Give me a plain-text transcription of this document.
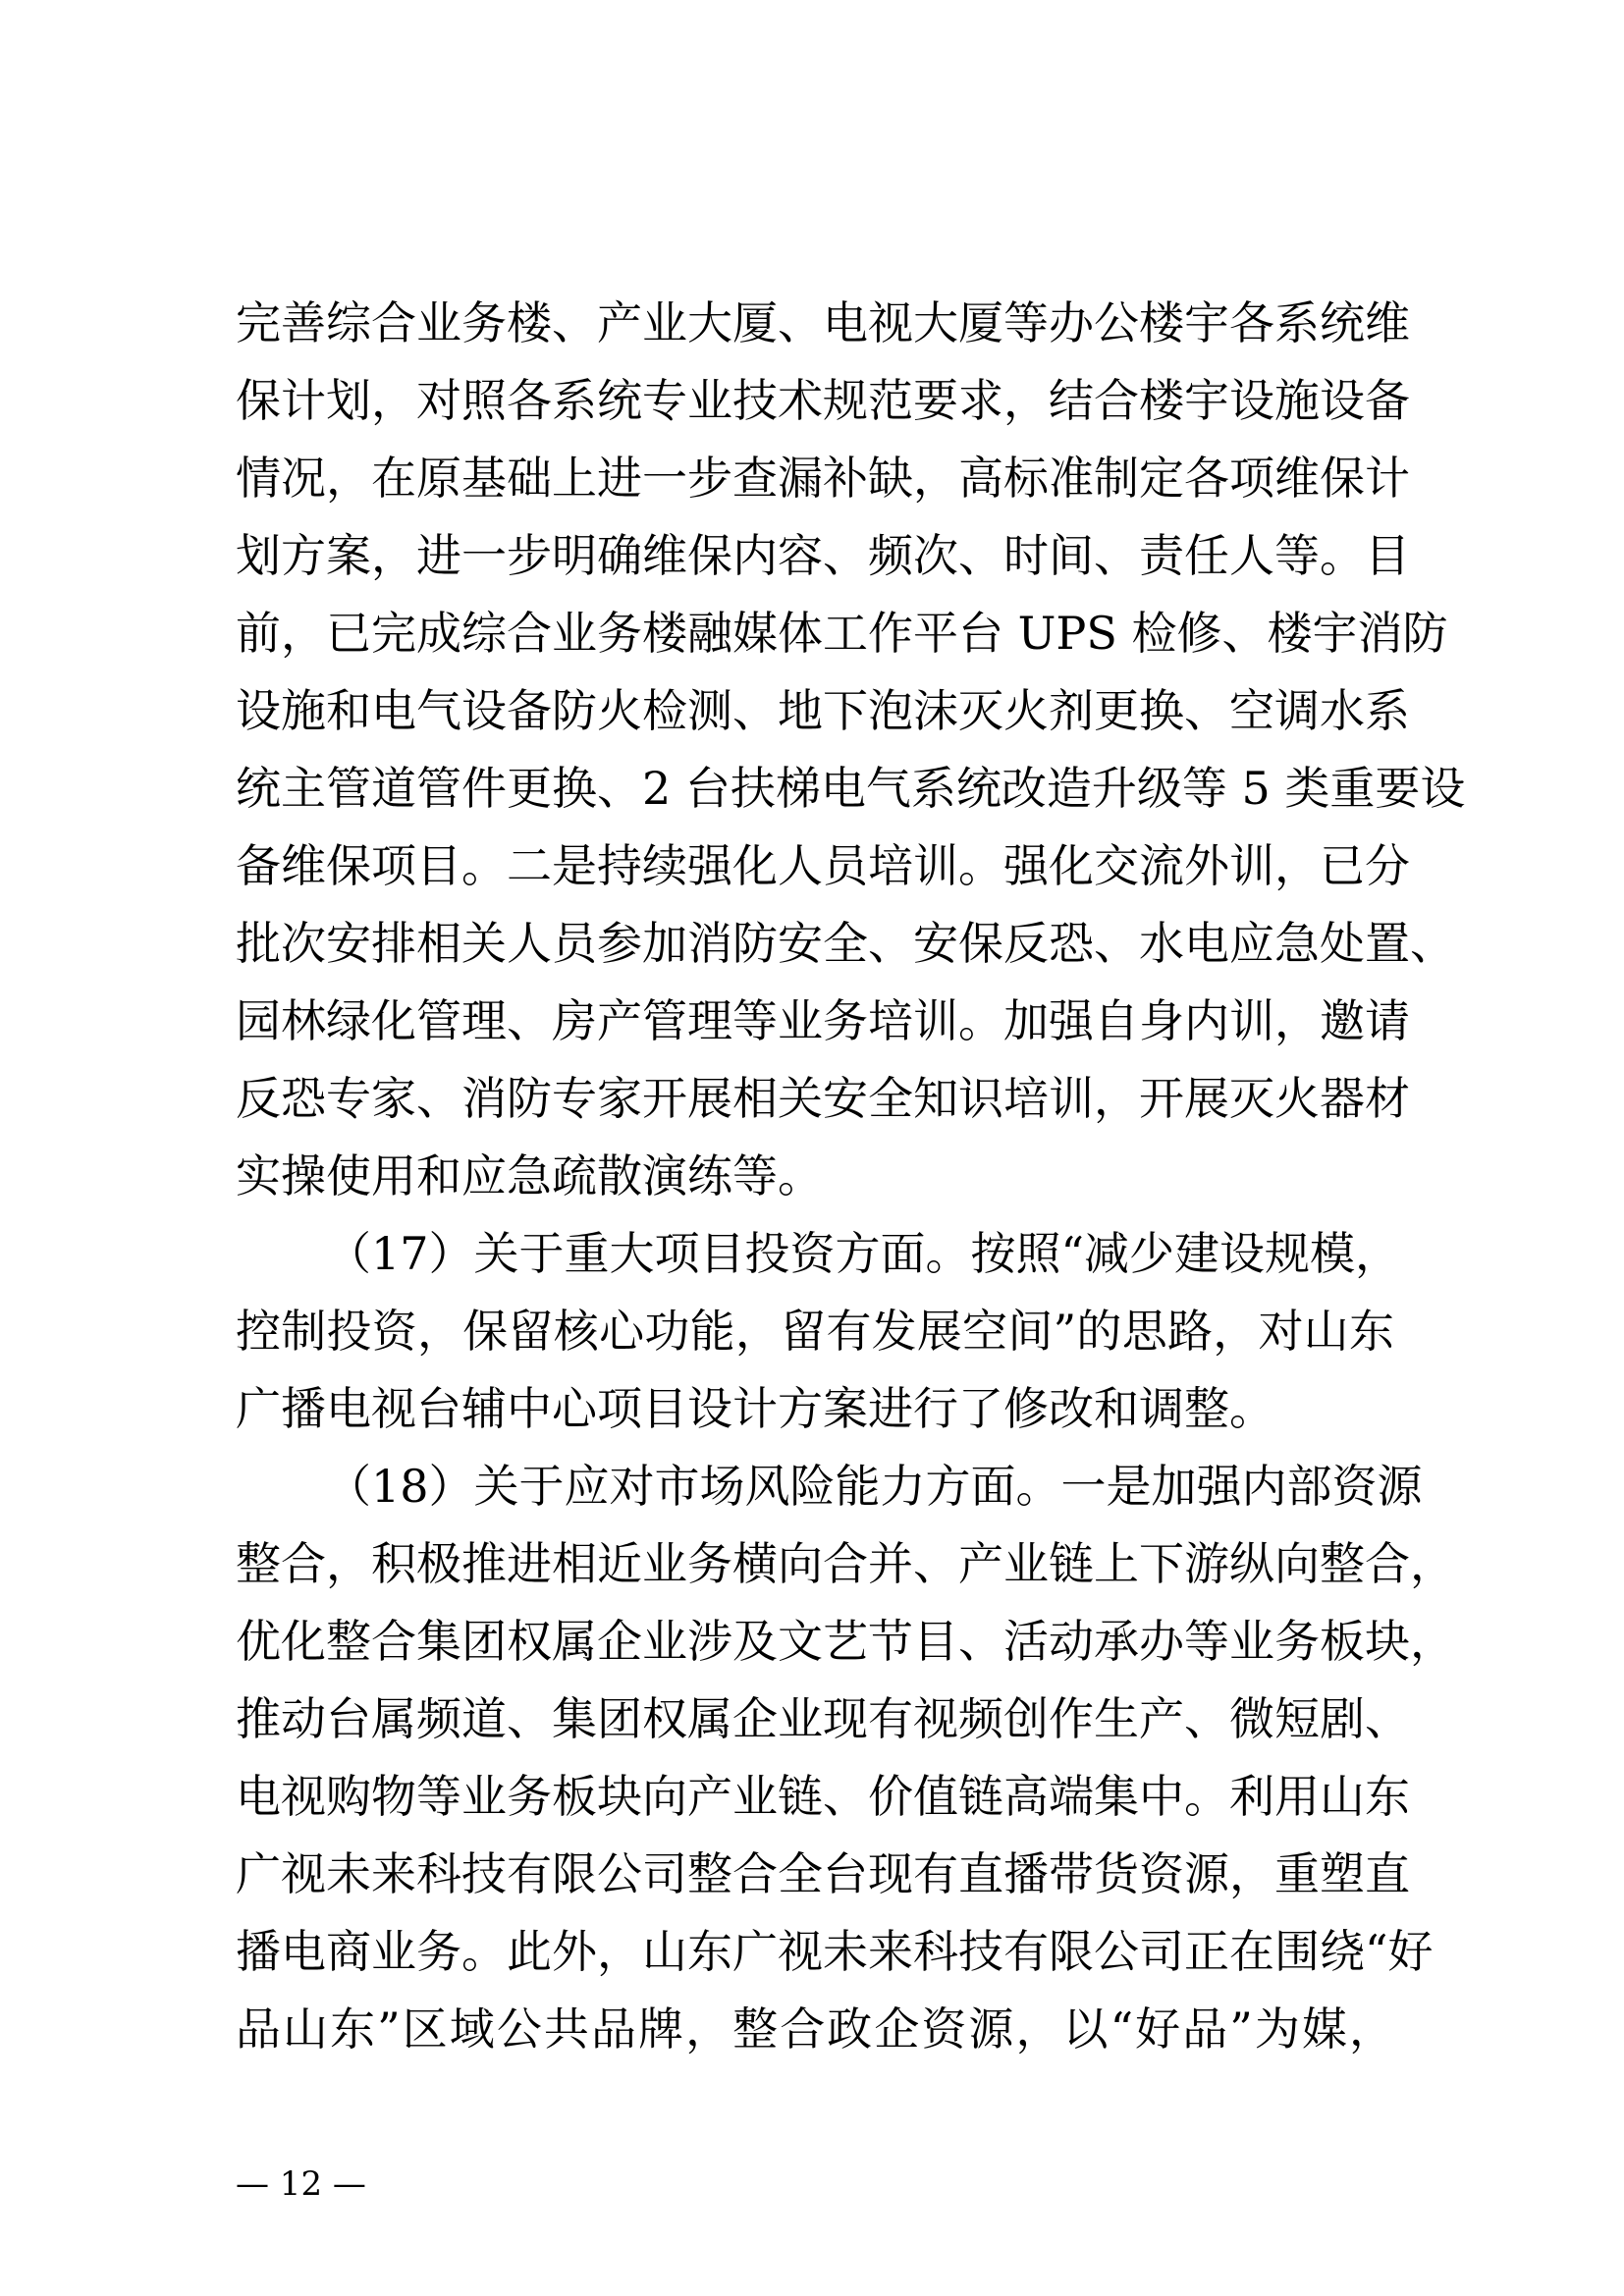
完善综合业务楼、产业大厦、电视大厦等办公楼宇各系统维
保计划，对照各系统专业技术规范要求，结合楼宇设施设备
情况，在原基础上进一步查漏补缺，高标准制定各项维保计
划方案，进一步明确维保内容、频次、时间、责任人等。目
前，已完成综合业务楼融媒体工作平台 UPS 检修、楼宇消防
设施和电气设备防火检测、地下泡沫灭火剂更换、空调水系
统主管道管件更换、2 台扶梯电气系统改造升级等 5 类重要设
备维保项目。二是持续强化人员培训。强化交流外训，已分
批次安排相关人员参加消防安全、安保反恐、水电应急处置、
园林绿化管理、房产管理等业务培训。加强自身内训，邀请
反恐专家、消防专家开展相关安全知识培训，开展灭火器材
实操使用和应急疏散演练等。
（17）关于重大项目投资方面。按照“减少建设规模，
控制投资，保留核心功能，留有发展空间”的思路，对山东
广播电视台辅中心项目设计方案进行了修改和调整。
（18）关于应对市场风险能力方面。一是加强内部资源
整合，积极推进相近业务横向合并、产业链上下游纵向整合，
优化整合集团权属企业涉及文艺节目、活动承办等业务板块，
推动台属频道、集团权属企业现有视频创作生产、微短剧、
电视购物等业务板块向产业链、价值链高端集中。利用山东
广视未来科技有限公司整合全台现有直播带货资源，重塑直
播电商业务。此外，山东广视未来科技有限公司正在围绕“好
品山东”区域公共品牌，整合政企资源，以“好品”为媒，
— 12 —
